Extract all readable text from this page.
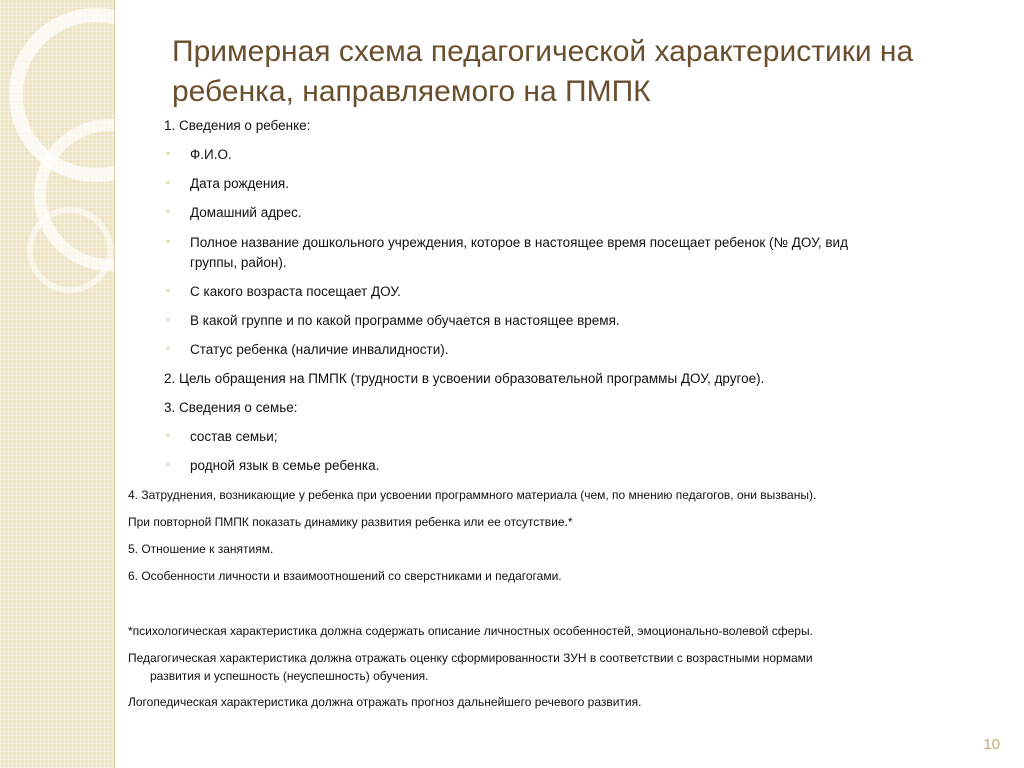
Примерная схема педагогической характеристики на ребенка, направляемого на ПМПК
1. Сведения о ребенке:
◦ Ф.И.О.
◦ Дата рождения.
◦ Домашний адрес.
◦ Полное название дошкольного учреждения, которое в настоящее время посещает ребенок (№ ДОУ, вид
группы, район).
◦ С какого возраста посещает ДОУ.
◦ В какой группе и по какой программе обучается в настоящее время.
◦ Статус ребенка (наличие инвалидности).
2. Цель обращения на ПМПК (трудности в усвоении образовательной программы ДОУ, другое).
3. Сведения о семье:
◦ состав семьи;
◦ родной язык в семье ребенка.
4. Затруднения, возникающие у ребенка при усвоении программного материала (чем, по мнению педагогов, они вызваны).
При повторной ПМПК показать динамику развития ребенка или ее отсутствие.*
5. Отношение к занятиям.
6. Особенности личности и взаимоотношений со сверстниками и педагогами.
*психологическая характеристика должна содержать описание личностных особенностей, эмоционально-волевой сферы.
Педагогическая характеристика должна отражать оценку сформированности ЗУН в соответствии с возрастными нормами
развития и успешность (неуспешность) обучения.
Логопедическая характеристика должна отражать прогноз дальнейшего речевого развития.
10
